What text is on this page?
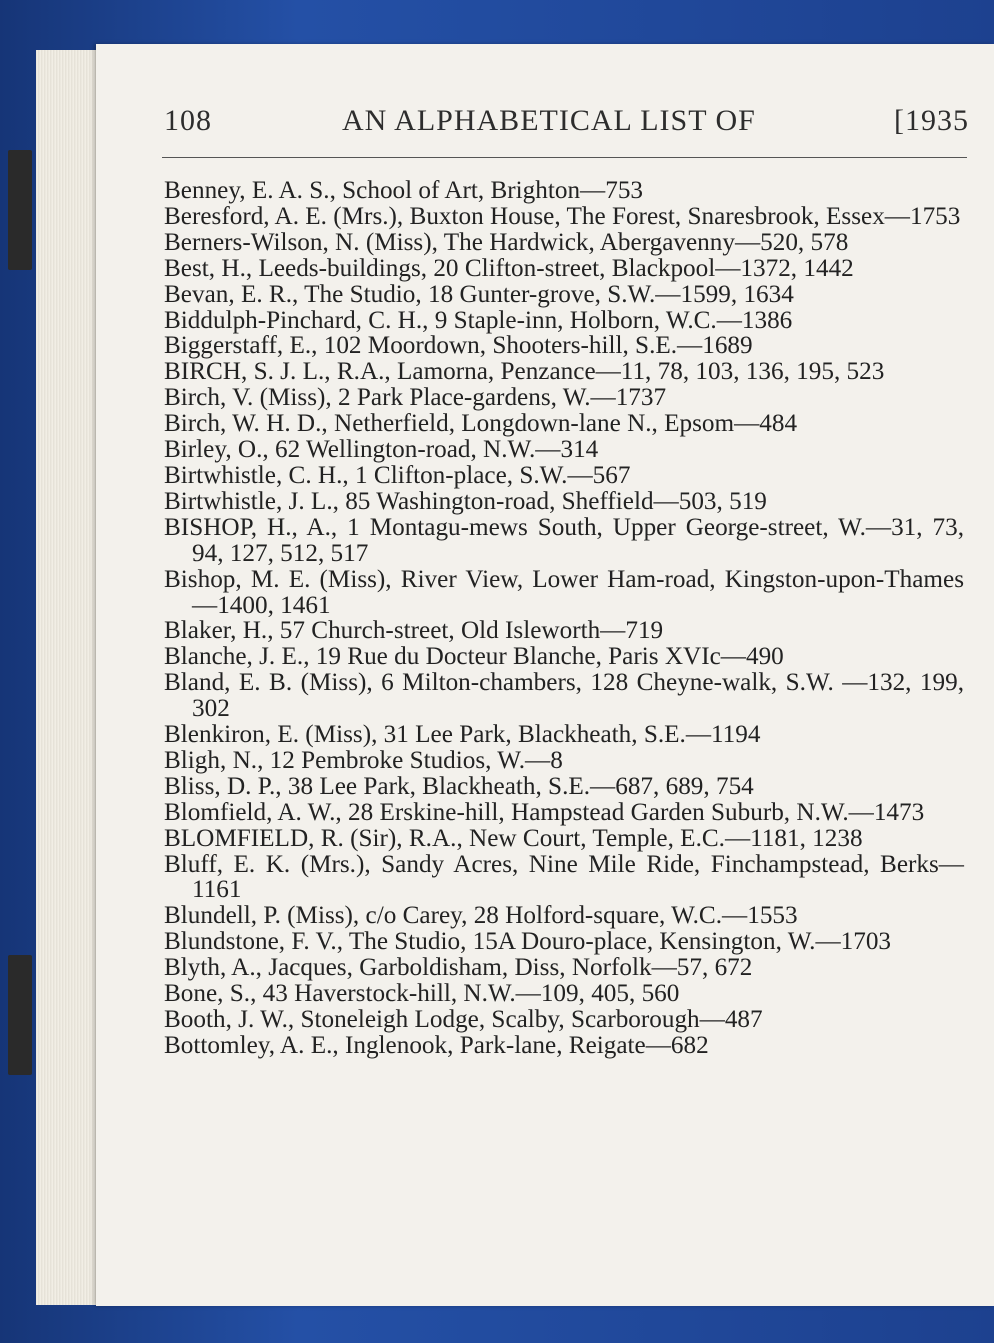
108	AN ALPHABETICAL LIST OF	[1935
Benney, E. A. S., School of Art, Brighton—753
Beresford, A. E. (Mrs.), Buxton House, The Forest, Snaresbrook, Essex—1753
Berners-Wilson, N. (Miss), The Hardwick, Abergavenny—520, 578
Best, H., Leeds-buildings, 20 Clifton-street, Blackpool—1372, 1442
Bevan, E. R., The Studio, 18 Gunter-grove, S.W.—1599, 1634
Biddulph-Pinchard, C. H., 9 Staple-inn, Holborn, W.C.—1386
Biggerstaff, E., 102 Moordown, Shooters-hill, S.E.—1689
BIRCH, S. J. L., R.A., Lamorna, Penzance—11, 78, 103, 136, 195, 523
Birch, V. (Miss), 2 Park Place-gardens, W.—1737
Birch, W. H. D., Netherfield, Longdown-lane N., Epsom—484
Birley, O., 62 Wellington-road, N.W.—314
Birtwhistle, C. H., 1 Clifton-place, S.W.—567
Birtwhistle, J. L., 85 Washington-road, Sheffield—503, 519
BISHOP, H., A., 1 Montagu-mews South, Upper George-street, W.—31, 73, 94, 127, 512, 517
Bishop, M. E. (Miss), River View, Lower Ham-road, Kingston-upon-Thames—1400, 1461
Blaker, H., 57 Church-street, Old Isleworth—719
Blanche, J. E., 19 Rue du Docteur Blanche, Paris XVIc—490
Bland, E. B. (Miss), 6 Milton-chambers, 128 Cheyne-walk, S.W. —132, 199, 302
Blenkiron, E. (Miss), 31 Lee Park, Blackheath, S.E.—1194
Bligh, N., 12 Pembroke Studios, W.—8
Bliss, D. P., 38 Lee Park, Blackheath, S.E.—687, 689, 754
Blomfield, A. W., 28 Erskine-hill, Hampstead Garden Suburb, N.W.—1473
BLOMFIELD, R. (Sir), R.A., New Court, Temple, E.C.—1181, 1238
Bluff, E. K. (Mrs.), Sandy Acres, Nine Mile Ride, Finchampstead, Berks—1161
Blundell, P. (Miss), c/o Carey, 28 Holford-square, W.C.—1553
Blundstone, F. V., The Studio, 15A Douro-place, Kensington, W.—1703
Blyth, A., Jacques, Garboldisham, Diss, Norfolk—57, 672
Bone, S., 43 Haverstock-hill, N.W.—109, 405, 560
Booth, J. W., Stoneleigh Lodge, Scalby, Scarborough—487
Bottomley, A. E., Inglenook, Park-lane, Reigate—682
